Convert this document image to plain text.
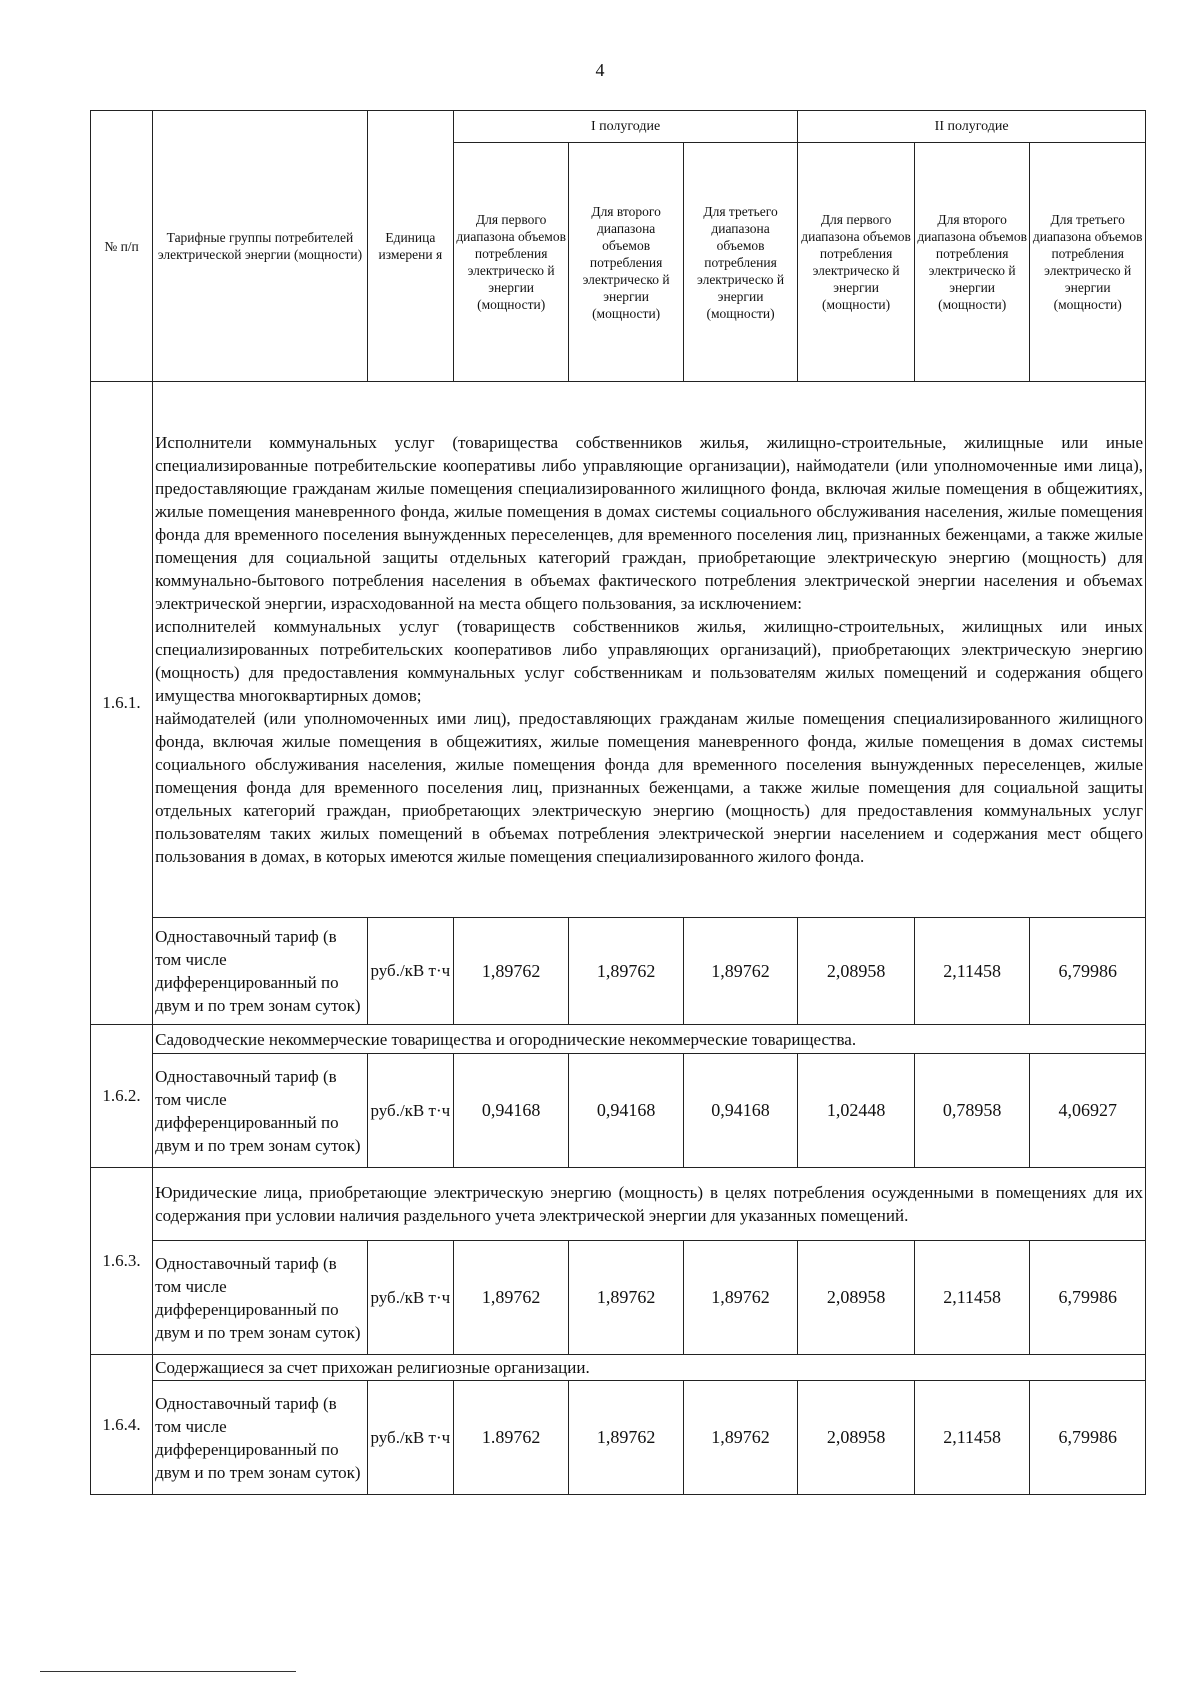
4
№ п/п	Тарифные группы потребителей электрической энергии (мощности)	Единица измерени я	I полугодие			II полугодие		
			Для первого диапазона объемов потребления электрическо й энергии (мощности)	Для второго диапазона объемов потребления электрическо й энергии (мощности)	Для третьего диапазона объемов потребления электрическо й энергии (мощности)	Для первого диапазона объемов потребления электрическо й энергии (мощности)	Для второго диапазона объемов потребления электрическо й энергии (мощности)	Для третьего диапазона объемов потребления электрическо й энергии (мощности)
1.6.1.	Исполнители коммунальных услуг (товарищества собственников жилья, жилищно-строительные, жилищные или иные специализированные потребительские кооперативы либо управляющие организации), наймодатели (или уполномоченные ими лица), предоставляющие гражданам жилые помещения специализированного жилищного фонда, включая жилые помещения в общежитиях, жилые помещения маневренного фонда, жилые помещения в домах системы социального обслуживания населения, жилые помещения фонда для временного поселения вынужденных переселенцев, для временного поселения лиц, признанных беженцами, а также жилые помещения для социальной защиты отдельных категорий граждан, приобретающие электрическую энергию (мощность) для коммунально-бытового потребления населения в объемах фактического потребления электрической энергии населения и объемах электрической энергии, израсходованной на места общего пользования, за исключением:

исполнителей коммунальных услуг (товариществ собственников жилья, жилищно-строительных, жилищных или иных специализированных потребительских кооперативов либо управляющих организаций), приобретающих электрическую энергию (мощность) для предоставления коммунальных услуг собственникам и пользователям жилых помещений и содержания общего имущества многоквартирных домов;

наймодателей (или уполномоченных ими лиц), предоставляющих гражданам жилые помещения специализированного жилищного фонда, включая жилые помещения в общежитиях, жилые помещения маневренного фонда, жилые помещения в домах системы социального обслуживания населения, жилые помещения фонда для временного поселения вынужденных переселенцев, жилые помещения фонда для временного поселения лиц, признанных беженцами, а также жилые помещения для социальной защиты отдельных категорий граждан, приобретающих электрическую энергию (мощность) для предоставления коммунальных услуг пользователям таких жилых помещений в объемах потребления электрической энергии населением и содержания мест общего пользования в домах, в которых имеются жилые помещения специализированного жилого фонда.							

	Одноставочный тариф (в том числе дифференцированный по двум и по трем зонам суток)	руб./кВ т·ч	1,89762	1,89762	1,89762	2,08958	2,11458	6,79986
1.6.2.	Садоводческие некоммерческие товарищества и огороднические некоммерческие товарищества.							

	Одноставочный тариф (в том числе дифференцированный по двум и по трем зонам суток)	руб./кВ т·ч	0,94168	0,94168	0,94168	1,02448	0,78958	4,06927
1.6.3.	Юридические лица, приобретающие электрическую энергию (мощность) в целях потребления осужденными в помещениях для их содержания при условии наличия раздельного учета электрической энергии для указанных помещений.							

	Одноставочный тариф (в том числе дифференцированный по двум и по трем зонам суток)	руб./кВ т·ч	1,89762	1,89762	1,89762	2,08958	2,11458	6,79986
1.6.4.	Содержащиеся за счет прихожан религиозные организации.							

	Одноставочный тариф (в том числе дифференцированный по двум и по трем зонам суток)	руб./кВ т·ч	1.89762	1,89762	1,89762	2,08958	2,11458	6,79986
